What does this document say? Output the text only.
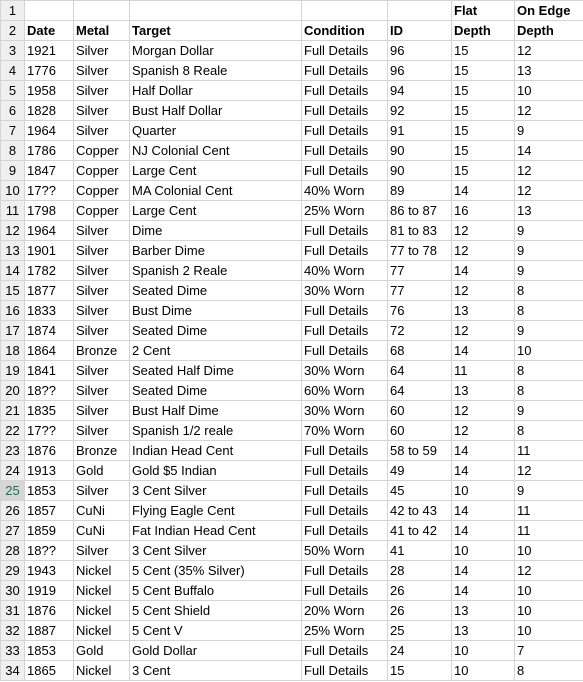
1						Flat	On Edge
2	Date	Metal	Target	Condition	ID	Depth	Depth
3	1921	Silver	Morgan Dollar	Full Details	96	15	12
4	1776	Silver	Spanish 8 Reale	Full Details	96	15	13
5	1958	Silver	Half Dollar	Full Details	94	15	10
6	1828	Silver	Bust Half Dollar	Full Details	92	15	12
7	1964	Silver	Quarter	Full Details	91	15	9
8	1786	Copper	NJ Colonial Cent	Full Details	90	15	14
9	1847	Copper	Large Cent	Full Details	90	15	12
10	17??	Copper	MA Colonial Cent	40% Worn	89	14	12
11	1798	Copper	Large Cent	25% Worn	86 to 87	16	13
12	1964	Silver	Dime	Full Details	81 to 83	12	9
13	1901	Silver	Barber Dime	Full Details	77 to 78	12	9
14	1782	Silver	Spanish 2 Reale	40% Worn	77	14	9
15	1877	Silver	Seated Dime	30% Worn	77	12	8
16	1833	Silver	Bust Dime	Full Details	76	13	8
17	1874	Silver	Seated Dime	Full Details	72	12	9
18	1864	Bronze	2 Cent	Full Details	68	14	10
19	1841	Silver	Seated Half Dime	30% Worn	64	11	8
20	18??	Silver	Seated Dime	60% Worn	64	13	8
21	1835	Silver	Bust Half Dime	30% Worn	60	12	9
22	17??	Silver	Spanish 1/2 reale	70% Worn	60	12	8
23	1876	Bronze	Indian Head Cent	Full Details	58 to 59	14	11
24	1913	Gold	Gold $5 Indian	Full Details	49	14	12
25	1853	Silver	3 Cent Silver	Full Details	45	10	9
26	1857	CuNi	Flying Eagle Cent	Full Details	42 to 43	14	11
27	1859	CuNi	Fat Indian Head Cent	Full Details	41 to 42	14	11
28	18??	Silver	3 Cent Silver	50% Worn	41	10	10
29	1943	Nickel	5 Cent (35% Silver)	Full Details	28	14	12
30	1919	Nickel	5 Cent Buffalo	Full Details	26	14	10
31	1876	Nickel	5 Cent Shield	20% Worn	26	13	10
32	1887	Nickel	5 Cent V	25% Worn	25	13	10
33	1853	Gold	Gold Dollar	Full Details	24	10	7
34	1865	Nickel	3 Cent	Full Details	15	10	8
